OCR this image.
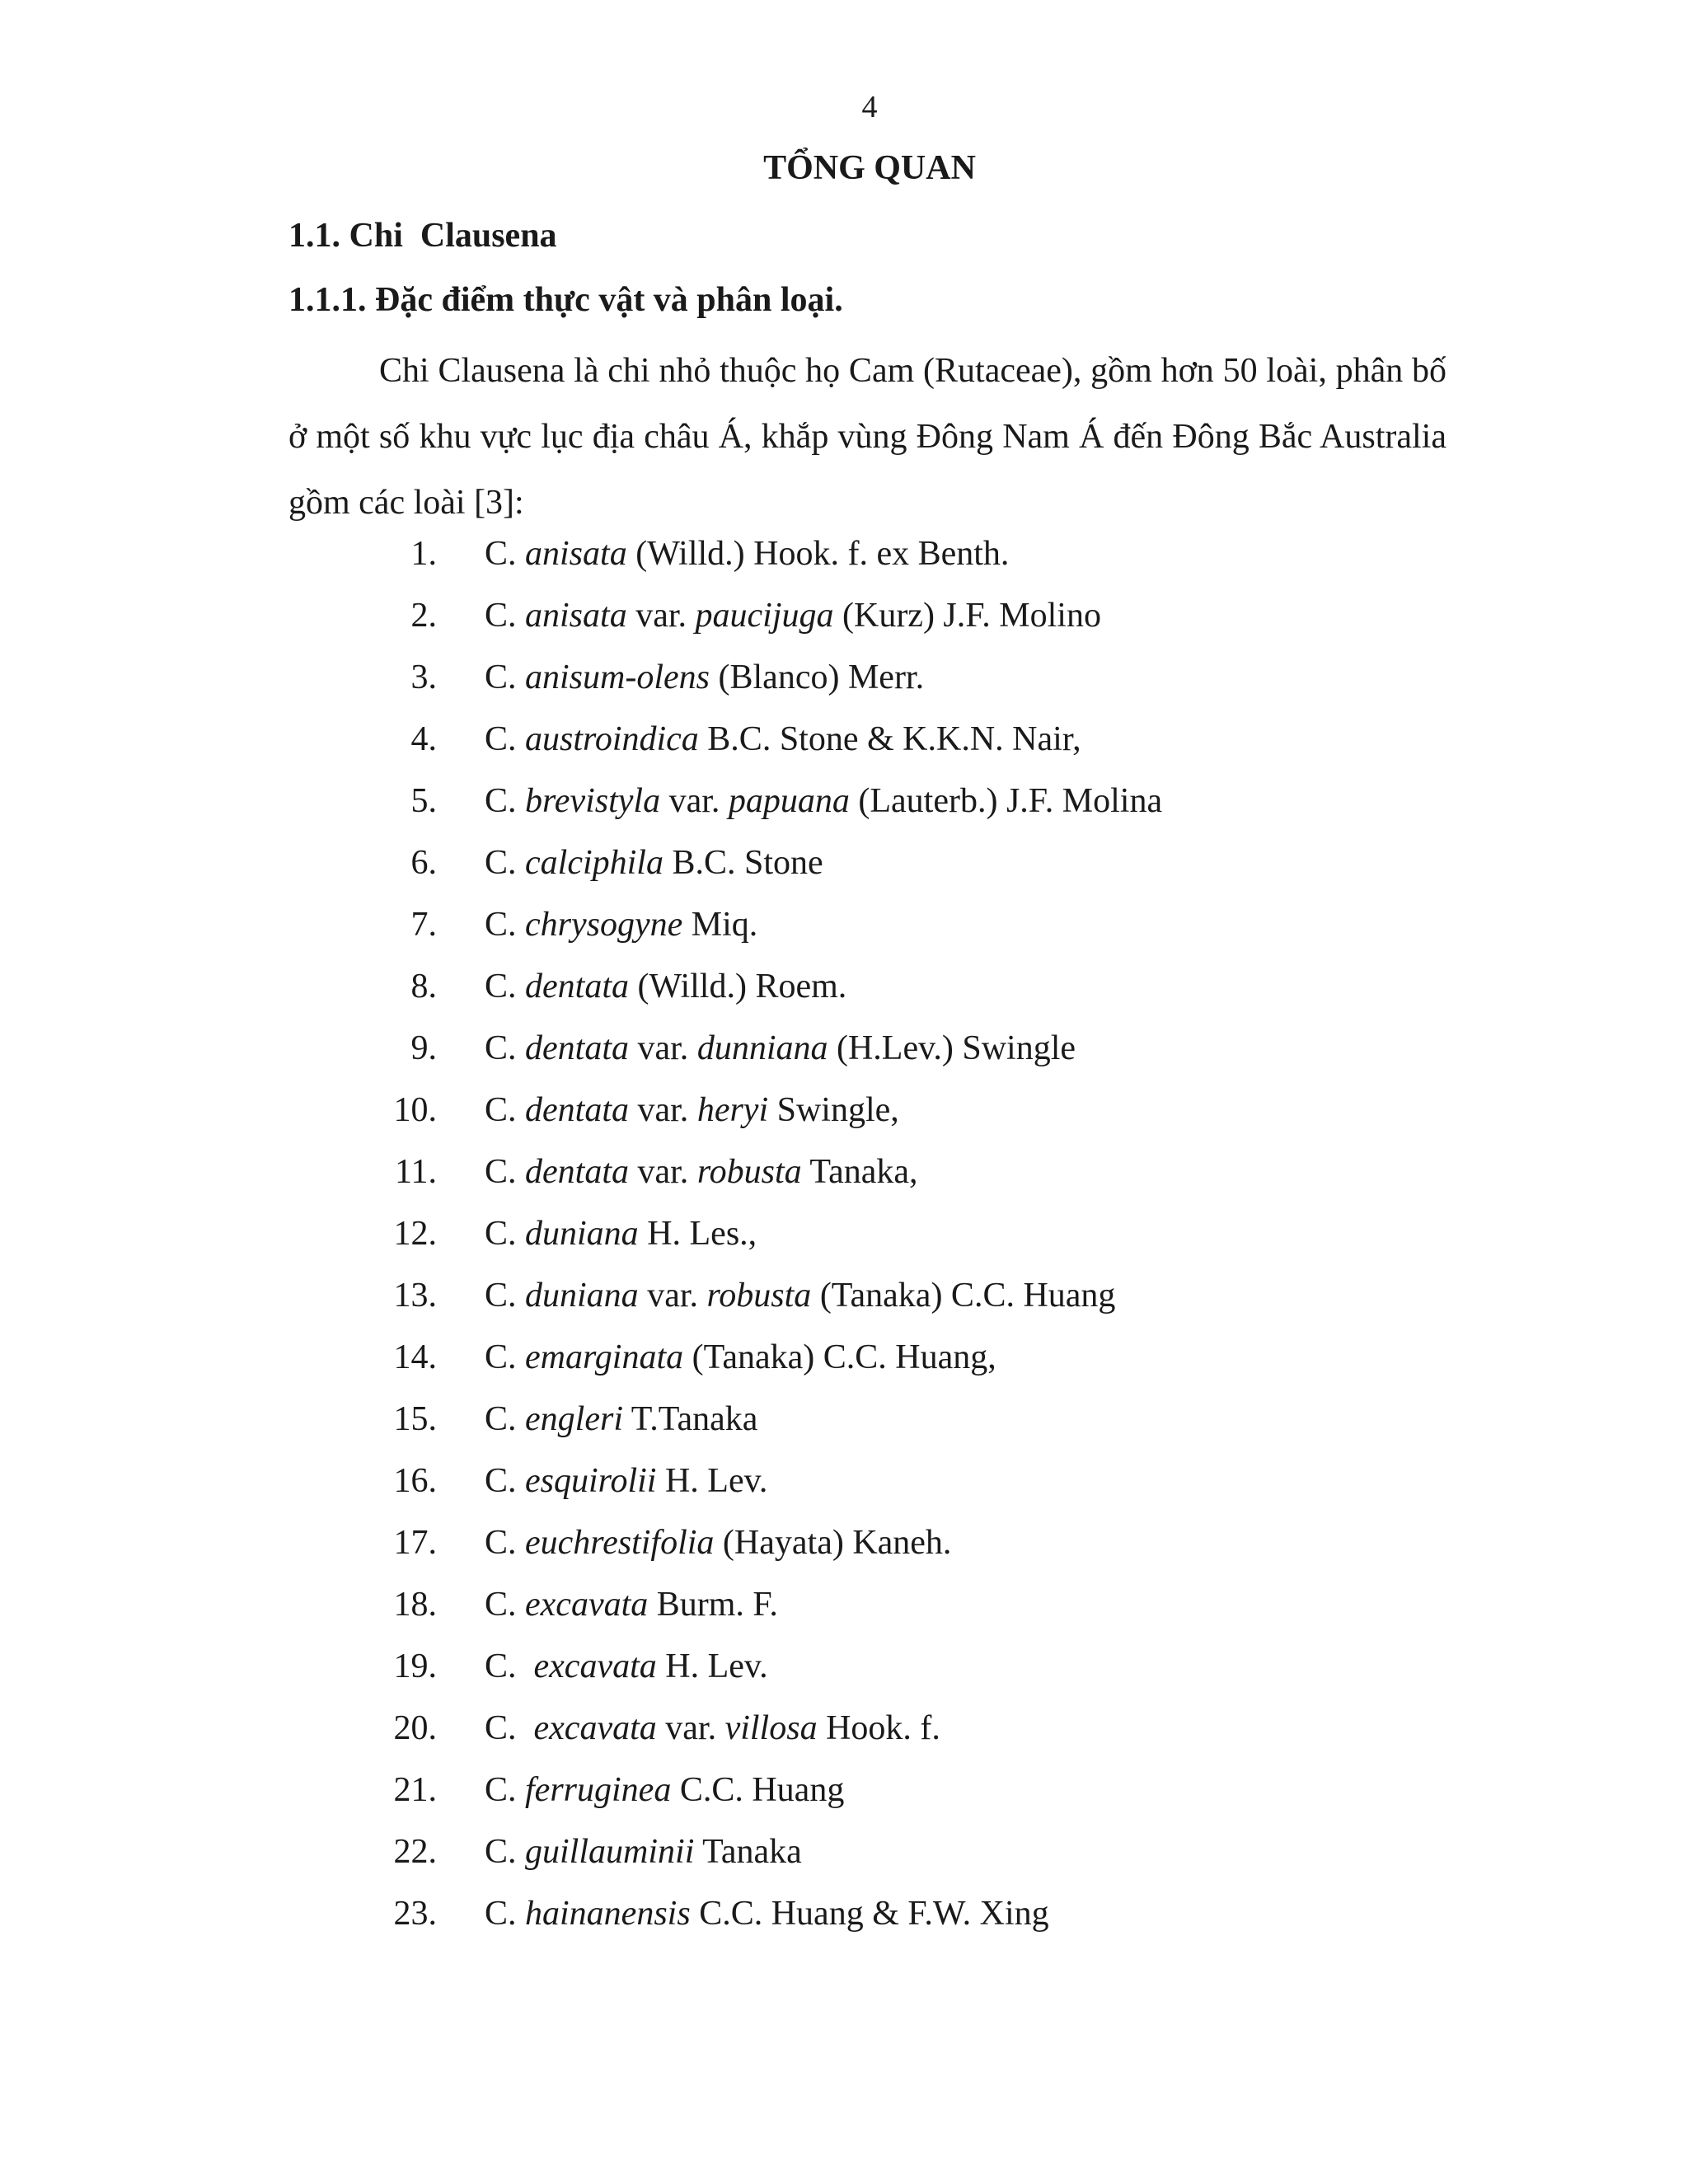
4
TỔNG QUAN
1.1. Chi  Clausena
1.1.1. Đặc điểm thực vật và phân loại.

Chi Clausena là chi nhỏ thuộc họ Cam (Rutaceae), gồm hơn 50 loài, phân bố ở một số khu vực lục địa châu Á, khắp vùng Đông Nam Á đến Đông Bắc Australia gồm các loài [3]:

1. C. anisata (Willd.) Hook. f. ex Benth.
2. C. anisata var. paucijuga (Kurz) J.F. Molino
3. C. anisum-olens (Blanco) Merr.
4. C. austroindica B.C. Stone & K.K.N. Nair,
5. C. brevistyla var. papuana (Lauterb.) J.F. Molina
6. C. calciphila B.C. Stone
7. C. chrysogyne Miq.
8. C. dentata (Willd.) Roem.
9. C. dentata var. dunniana (H.Lev.) Swingle
10. C. dentata var. heryi Swingle,
11. C. dentata var. robusta Tanaka,
12. C. duniana H. Les.,
13. C. duniana var. robusta (Tanaka) C.C. Huang
14. C. emarginata (Tanaka) C.C. Huang,
15. C. engleri T.Tanaka
16. C. esquirolii H. Lev.
17. C. euchrestifolia (Hayata) Kaneh.
18. C. excavata Burm. F.
19. C. excavata H. Lev.
20. C. excavata var. villosa Hook. f.
21. C. ferruginea C.C. Huang
22. C. guillauminii Tanaka
23. C. hainanensis C.C. Huang & F.W. Xing
